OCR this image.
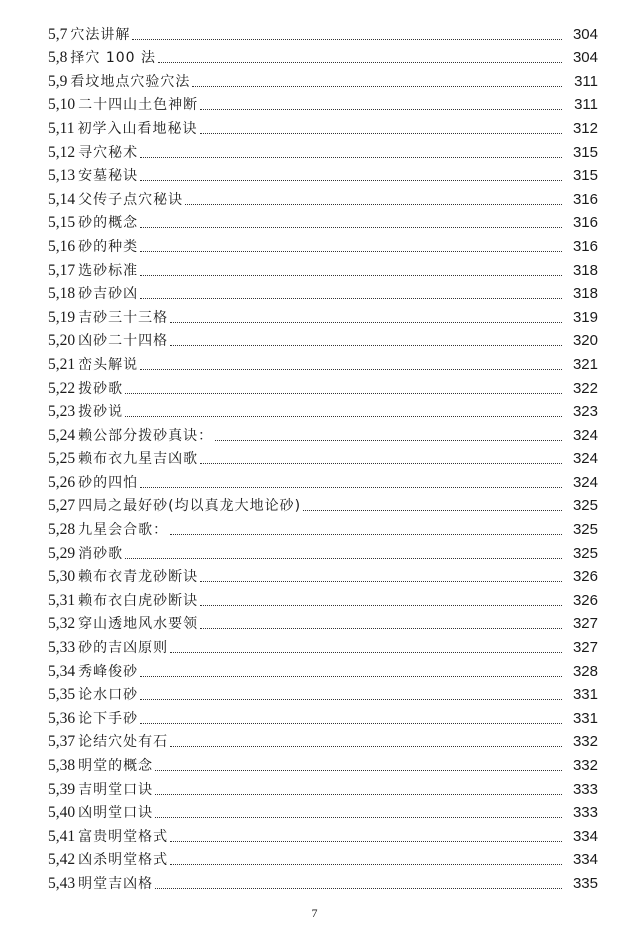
5,7 穴法讲解	304
5,8 择穴 100 法	304
5,9 看坟地点穴验穴法	311
5,10 二十四山土色神断	311
5,11 初学入山看地秘诀	312
5,12 寻穴秘术	315
5,13 安墓秘诀	315
5,14 父传子点穴秘诀	316
5,15 砂的概念	316
5,16 砂的种类	316
5,17 选砂标准	318
5,18 砂吉砂凶	318
5,19 吉砂三十三格	319
5,20 凶砂二十四格	320
5,21 峦头解说	321
5,22 拨砂歌	322
5,23 拨砂说	323
5,24 赖公部分拨砂真诀：	324
5,25 赖布衣九星吉凶歌	324
5,26 砂的四怕	324
5,27 四局之最好砂(均以真龙大地论砂)	325
5,28 九星会合歌：	325
5,29 消砂歌	325
5,30 赖布衣青龙砂断诀	326
5,31 赖布衣白虎砂断诀	326
5,32 穿山透地风水要领	327
5,33 砂的吉凶原则	327
5,34 秀峰俊砂	328
5,35 论水口砂	331
5,36 论下手砂	331
5,37 论结穴处有石	332
5,38 明堂的概念	332
5,39 吉明堂口诀	333
5,40 凶明堂口诀	333
5,41 富贵明堂格式	334
5,42 凶杀明堂格式	334
5,43 明堂吉凶格	335
7
